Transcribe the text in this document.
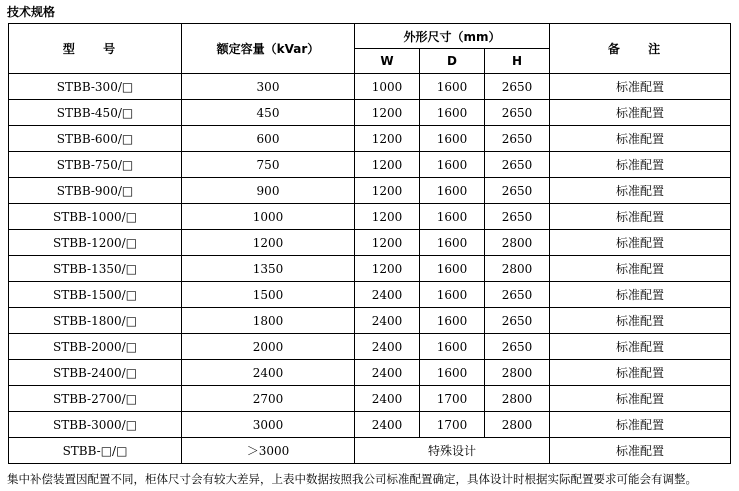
技术规格
型 号	额定容量（kVar）	外形尺寸（mm）			备 注
		W	D	H	
STBB-300/□	300	1000	1600	2650	标准配置
STBB-450/□	450	1200	1600	2650	标准配置
STBB-600/□	600	1200	1600	2650	标准配置
STBB-750/□	750	1200	1600	2650	标准配置
STBB-900/□	900	1200	1600	2650	标准配置
STBB-1000/□	1000	1200	1600	2650	标准配置
STBB-1200/□	1200	1200	1600	2800	标准配置
STBB-1350/□	1350	1200	1600	2800	标准配置
STBB-1500/□	1500	2400	1600	2650	标准配置
STBB-1800/□	1800	2400	1600	2650	标准配置
STBB-2000/□	2000	2400	1600	2650	标准配置
STBB-2400/□	2400	2400	1600	2800	标准配置
STBB-2700/□	2700	2400	1700	2800	标准配置
STBB-3000/□	3000	2400	1700	2800	标准配置
STBB-□/□	＞3000	特殊设计			标准配置
集中补偿装置因配置不同，柜体尺寸会有较大差异，上表中数据按照我公司标准配置确定，具体设计时根据实际配置要求可能会有调整。
